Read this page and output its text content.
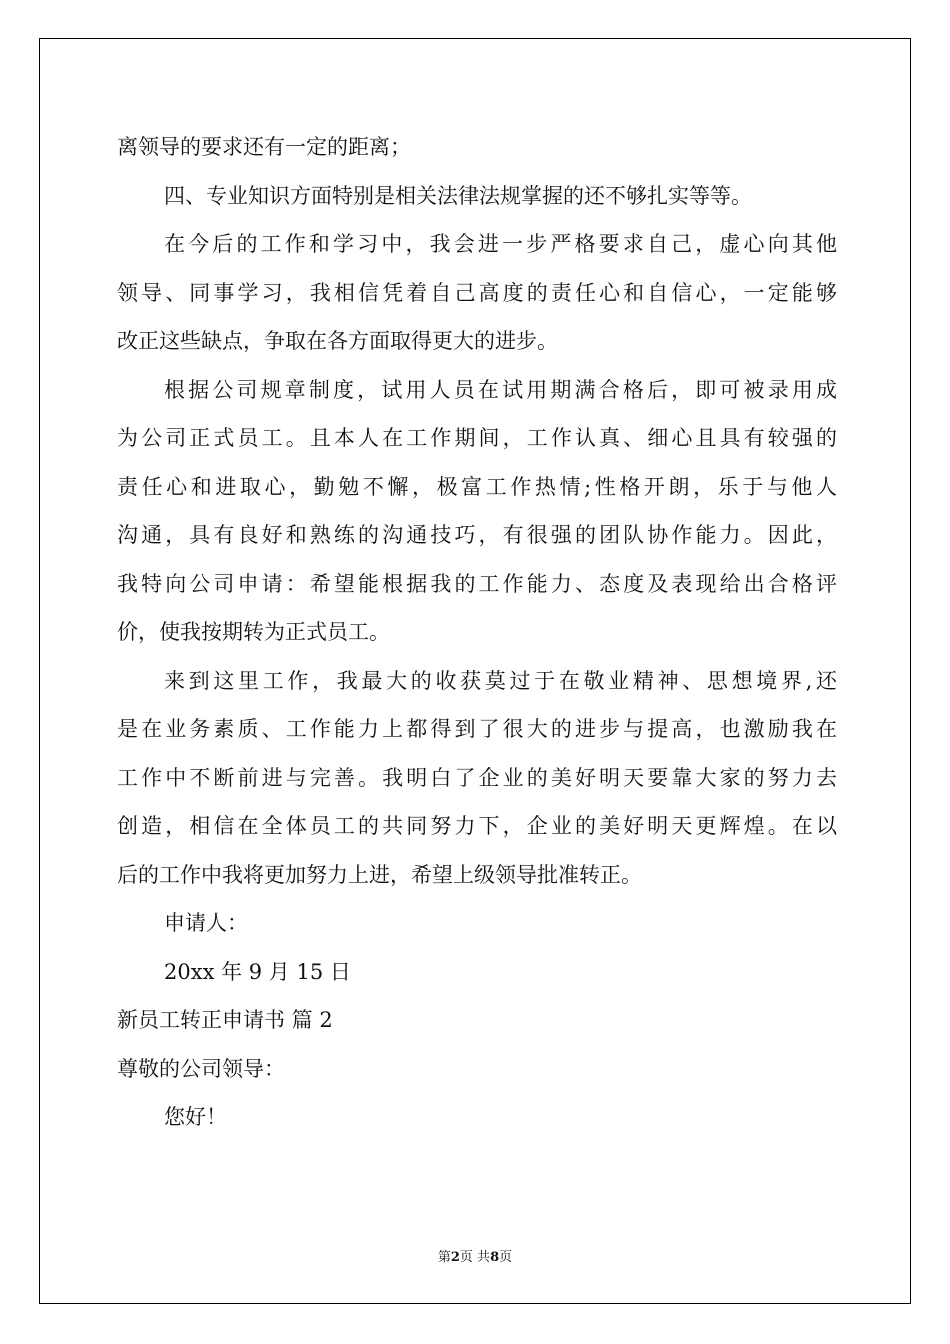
离领导的要求还有一定的距离；
四、专业知识方面特别是相关法律法规掌握的还不够扎实等等。
在今后的工作和学习中，我会进一步严格要求自己，虚心向其他
领导、同事学习，我相信凭着自己高度的责任心和自信心，一定能够
改正这些缺点，争取在各方面取得更大的进步。
根据公司规章制度，试用人员在试用期满合格后，即可被录用成
为公司正式员工。且本人在工作期间，工作认真、细心且具有较强的
责任心和进取心，勤勉不懈，极富工作热情;性格开朗，乐于与他人
沟通，具有良好和熟练的沟通技巧，有很强的团队协作能力。因此，
我特向公司申请：希望能根据我的工作能力、态度及表现给出合格评
价，使我按期转为正式员工。
来到这里工作，我最大的收获莫过于在敬业精神、思想境界,还
是在业务素质、工作能力上都得到了很大的进步与提高，也激励我在
工作中不断前进与完善。我明白了企业的美好明天要靠大家的努力去
创造，相信在全体员工的共同努力下，企业的美好明天更辉煌。在以
后的工作中我将更加努力上进，希望上级领导批准转正。
申请人：
20xx 年 9 月 15 日
新员工转正申请书 篇 2
尊敬的公司领导：
您好！
第2页 共8页
